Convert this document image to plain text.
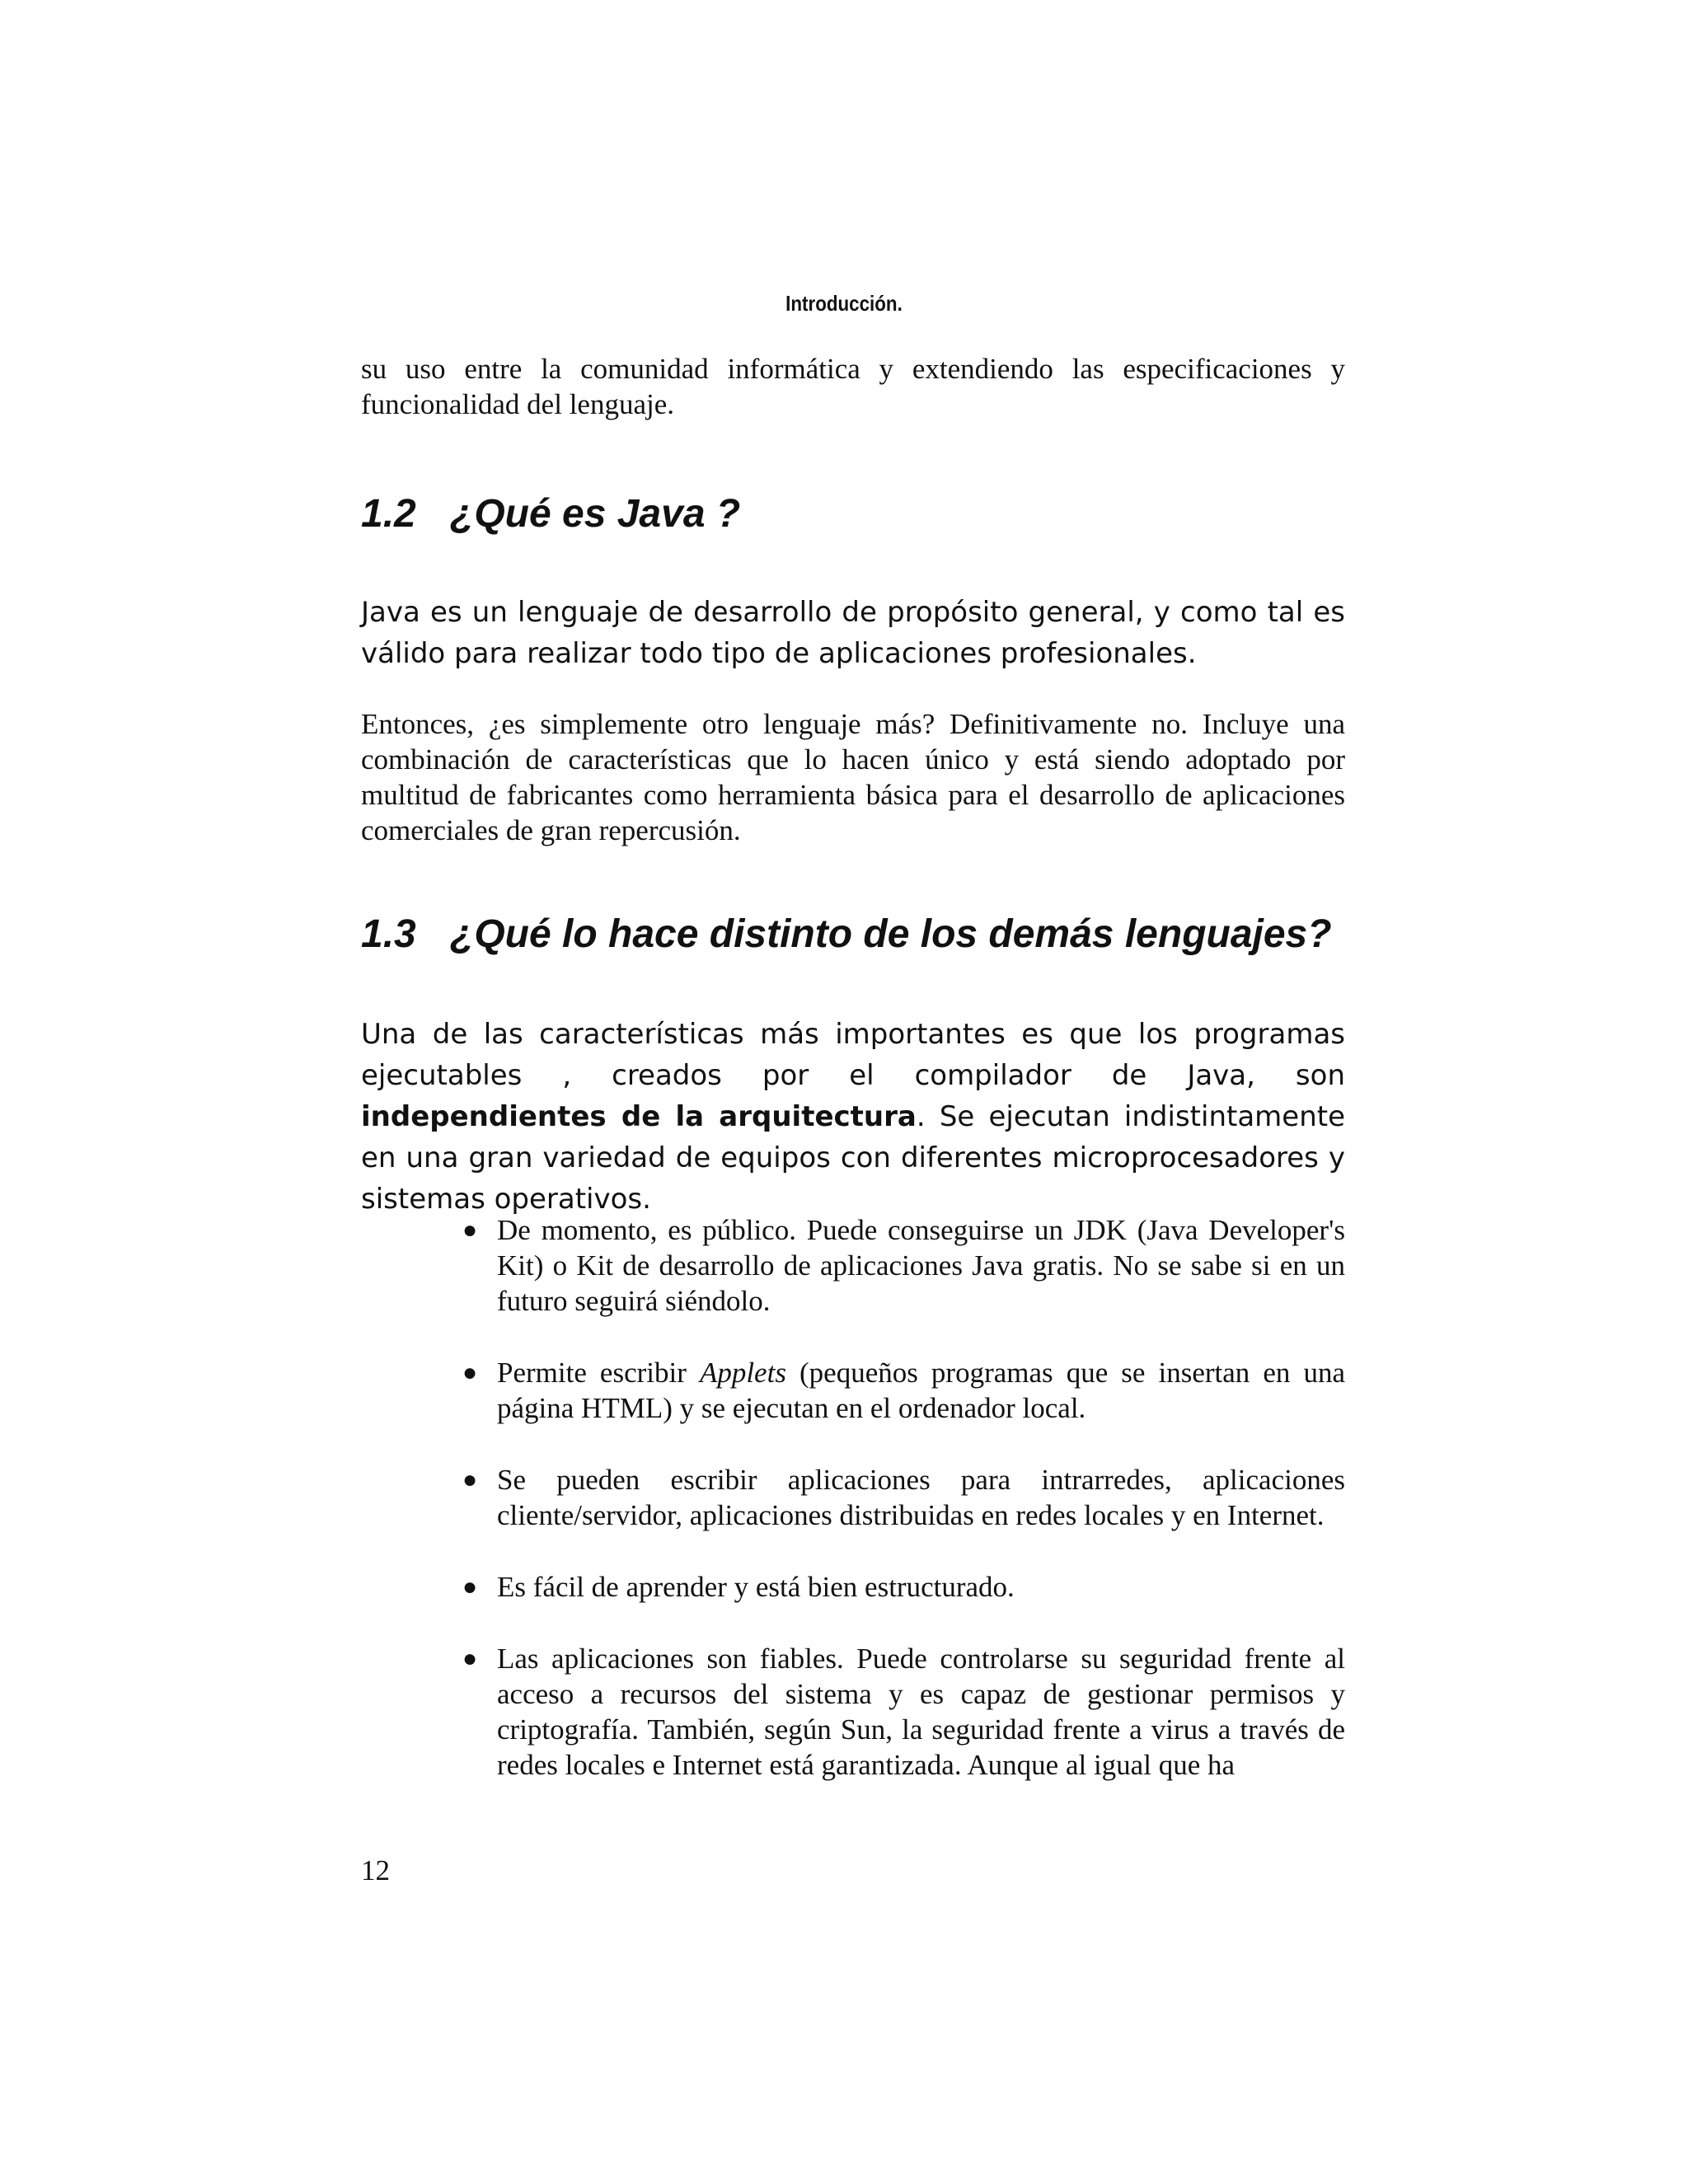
Introducción.

su uso entre la comunidad informática y extendiendo las especificaciones y funcionalidad del lenguaje.

1.2 ¿Qué es Java ?

Java es un lenguaje de desarrollo de propósito general, y como tal es válido para realizar todo tipo de aplicaciones profesionales.

Entonces, ¿es simplemente otro lenguaje más? Definitivamente no. Incluye una combinación de características que lo hacen único y está siendo adoptado por multitud de fabricantes como herramienta básica para el desarrollo de aplicaciones comerciales de gran repercusión.

1.3 ¿Qué lo hace distinto de los demás lenguajes?

Una de las características más importantes es que los programas ejecutables , creados por el compilador de Java, son independientes de la arquitectura. Se ejecutan indistintamente en una gran variedad de equipos con diferentes microprocesadores y sistemas operativos.

● De momento, es público. Puede conseguirse un JDK (Java Developer's Kit) o Kit de desarrollo de aplicaciones Java gratis. No se sabe si en un futuro seguirá siéndolo.
● Permite escribir Applets (pequeños programas que se insertan en una página HTML) y se ejecutan en el ordenador local.
● Se pueden escribir aplicaciones para intrarredes, aplicaciones cliente/servidor, aplicaciones distribuidas en redes locales y en Internet.
● Es fácil de aprender y está bien estructurado.
● Las aplicaciones son fiables. Puede controlarse su seguridad frente al acceso a recursos del sistema y es capaz de gestionar permisos y criptografía. También, según Sun, la seguridad frente a virus a través de redes locales e Internet está garantizada. Aunque al igual que ha
12
